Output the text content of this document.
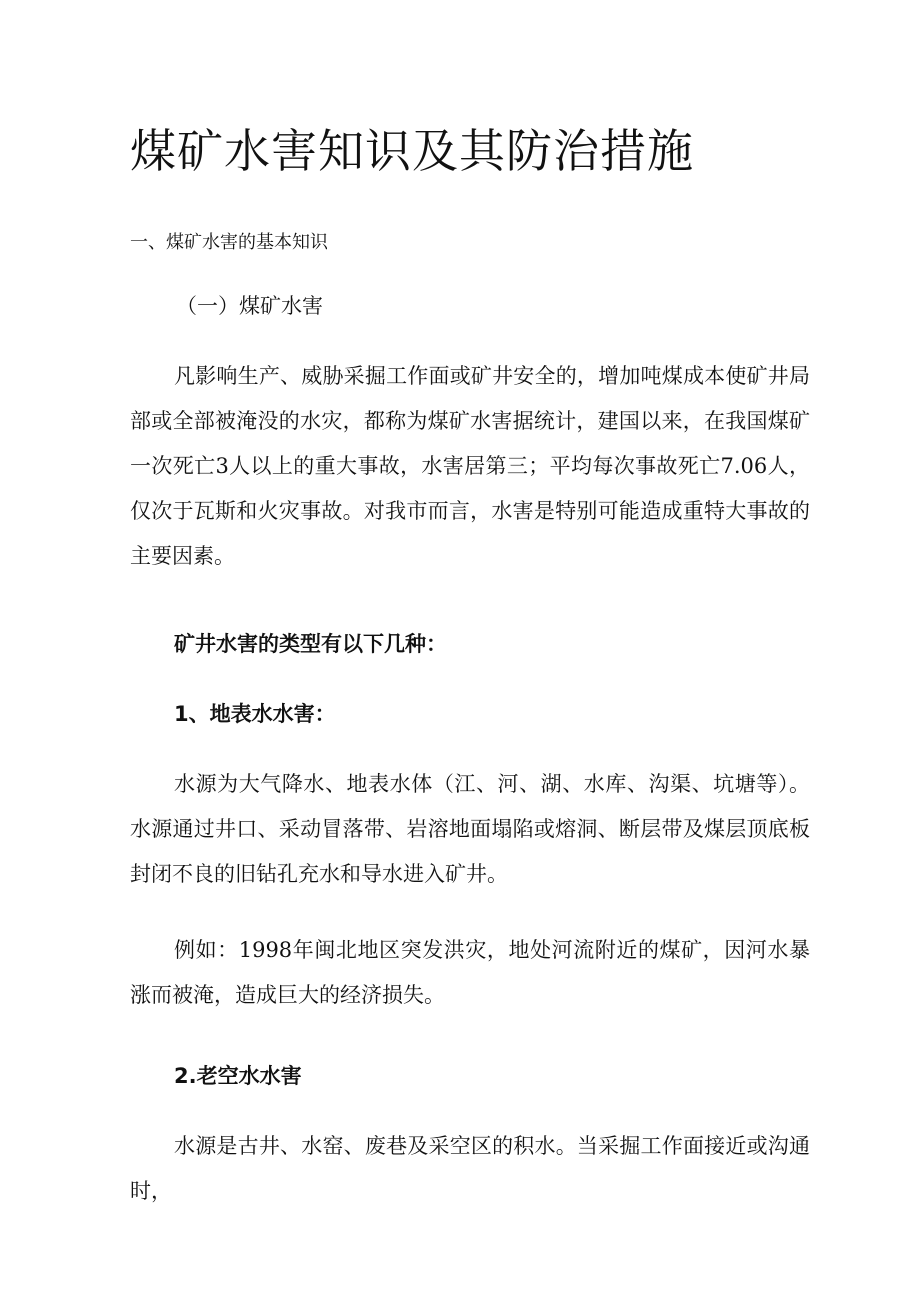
煤矿水害知识及其防治措施
一、煤矿水害的基本知识
（一）煤矿水害

凡影响生产、威胁采掘工作面或矿井安全的，增加吨煤成本使矿井局部或全部被淹没的水灾，都称为煤矿水害据统计，建国以来，在我国煤矿一次死亡3人以上的重大事故，水害居第三；平均每次事故死亡7.06人，仅次于瓦斯和火灾事故。对我市而言，水害是特别可能造成重特大事故的主要因素。

矿井水害的类型有以下几种：
1、地表水水害：

水源为大气降水、地表水体（江、河、湖、水库、沟渠、坑塘等）。水源通过井口、采动冒落带、岩溶地面塌陷或熔洞、断层带及煤层顶底板封闭不良的旧钻孔充水和导水进入矿井。

例如：1998年闽北地区突发洪灾，地处河流附近的煤矿，因河水暴涨而被淹，造成巨大的经济损失。

2.老空水水害

水源是古井、水窑、废巷及采空区的积水。当采掘工作面接近或沟通时，
